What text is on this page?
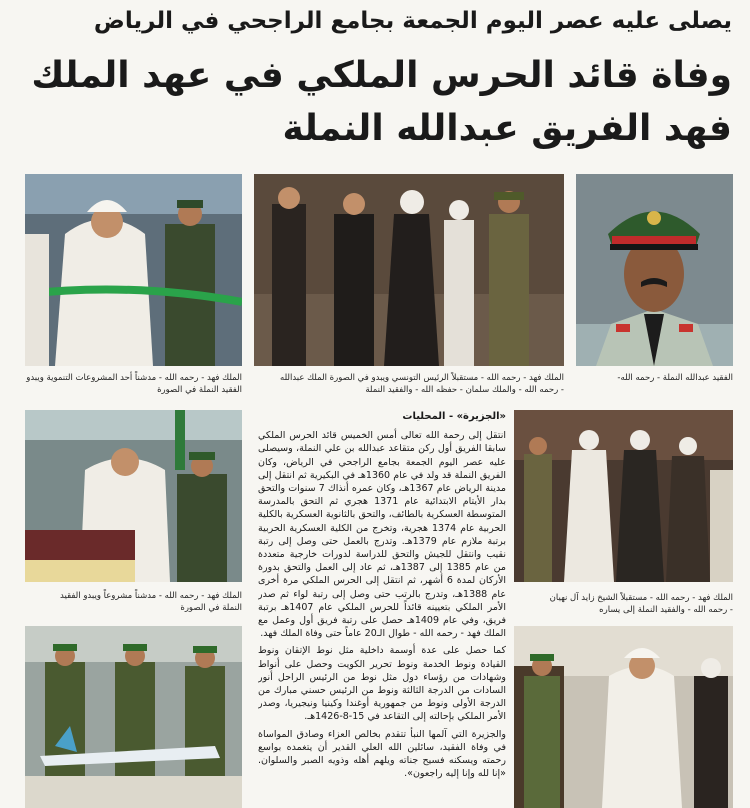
يصلى عليه عصر اليوم الجمعة بجامع الراجحي في الرياض
وفاة قائد الحرس الملكي في عهد الملك
فهد الفريق عبدالله النملة
الفقيد عبدالله النملة - رحمه الله-
الملك فهد - رحمه الله - مستقبلاً الرئيس التونسي ويبدو في الصورة الملك عبدالله
- رحمه الله - والملك سلمان - حفظه الله - والفقيد النملة
الملك فهد - رحمه الله - مدشناً أحد المشروعات التنموية ويبدو
الفقيد النملة في الصورة
الملك فهد - رحمه الله - مستقبلاً الشيخ زايد آل نهيان
- رحمه الله - والفقيد النملة إلى يساره
الملك فهد - رحمه الله - مدشناً مشروعاً ويبدو الفقيد
النملة في الصورة
«الجزيرة» - المحليات

انتقل إلى رحمة الله تعالى أمس الخميس قائد الحرس الملكي سابقا الفريق أول ركن متقاعد عبدالله بن علي النملة، وسيصلى عليه عصر اليوم الجمعة بجامع الراجحي في الرياض، وكان الفريق النملة قد ولد في عام 1360هـ في البكيرية ثم انتقل إلى مدينة الرياض عام 1367هـ، وكان عمره أنذاك 7 سنوات والتحق بدار الأيتام الابتدائية عام 1371 هجري ثم التحق بالمدرسة المتوسطة العسكرية بالطائف، والتحق بالثانوية العسكرية بالكلية الحربية عام 1374 هجرية، وتخرج من الكلية العسكرية الحربية برتبة ملازم عام 1379هـ. وتدرج بالعمل حتى وصل إلى رتبة نقيب وانتقل للجيش والتحق للدراسة لدورات خارجية متعددة من عام 1385 إلى 1387هـ، ثم عاد إلى العمل والتحق بدورة الأركان لمدة 6 أشهر، ثم انتقل إلى الحرس الملكي مرة أخرى عام 1388هـ، وتدرج بالرتب حتى وصل إلى رتبة لواء ثم صدر الأمر الملكي بتعيينه قائداً للحرس الملكي عام 1407هـ برتبة فريق، وفي عام 1409هـ حصل على رتبة فريق أول وعمل مع الملك فهد - رحمه الله - طوال الـ20 عاماً حتى وفاة الملك فهد.

كما حصل على عدة أوسمة داخلية مثل نوط الإتقان ونوط القيادة ونوط الخدمة ونوط تحرير الكويت وحصل على أنواط وشهادات من رؤساء دول مثل نوط من الرئيس الراحل أنور السادات من الدرجة الثالثة ونوط من الرئيس حسني مبارك من الدرجة الأولى ونوط من جمهورية أوغندا وكينيا ونيجيريا، وصدر الأمر الملكي بإحالته إلى التقاعد في 15-8-1426هـ.

والجزيرة التي آلمها النبأ تتقدم بخالص العزاء وصادق المواساة في وفاة الفقيد، سائلين الله العلي القدير أن يتغمده بواسع رحمته ويسكنه فسيح جناته ويلهم أهله وذويه الصبر والسلوان. «إنا لله وإنا إليه راجعون».
